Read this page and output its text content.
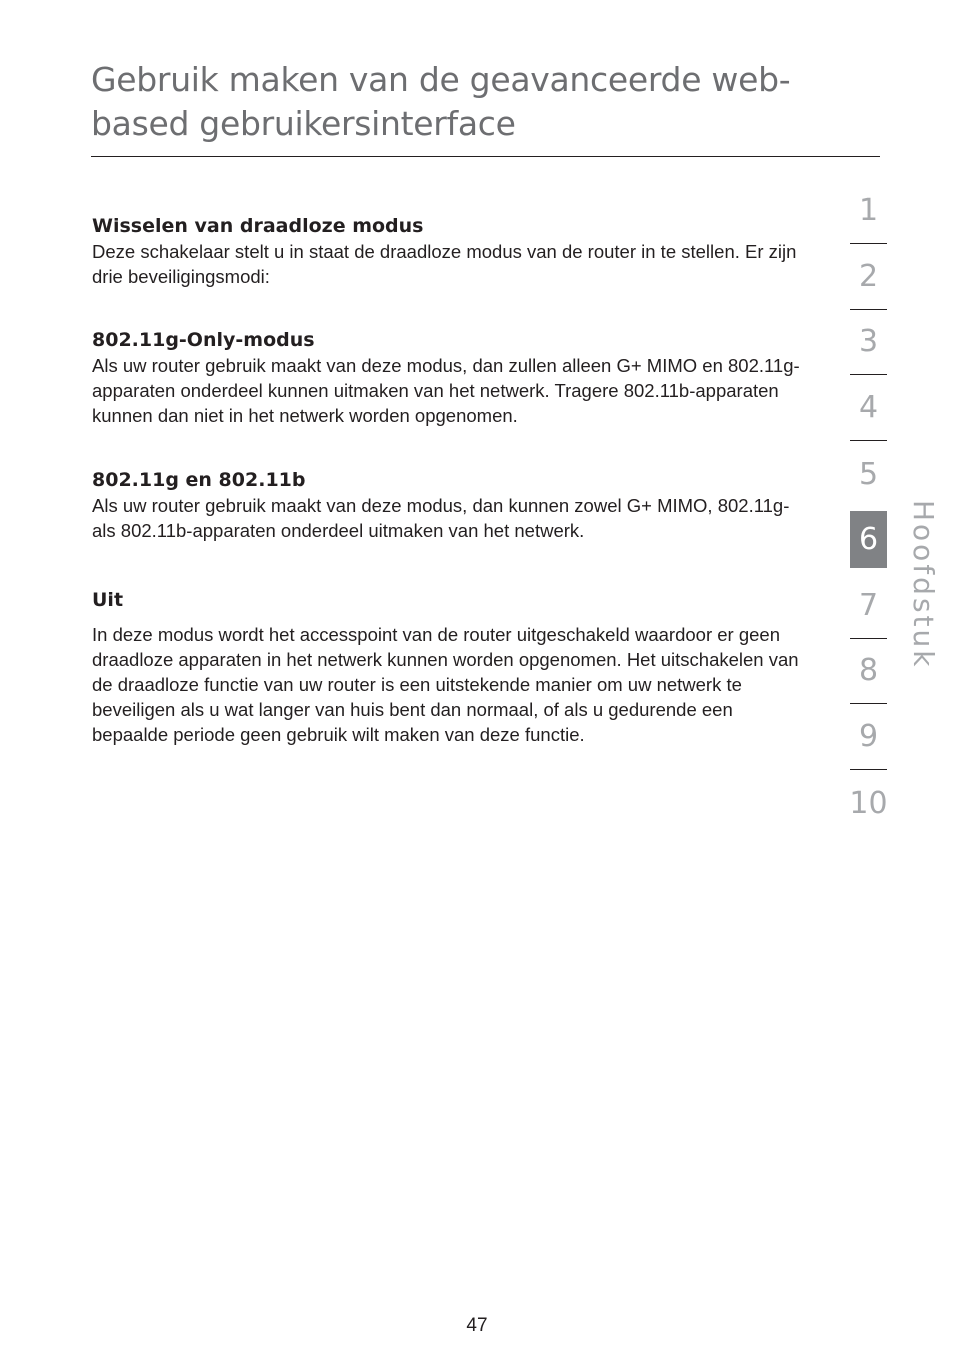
Gebruik maken van de geavanceerde web-based gebruikersinterface
Wisselen van draadloze modus

Deze schakelaar stelt u in staat de draadloze modus van de router in te stellen. Er zijn drie beveiligingsmodi:

802.11g-Only-modus

Als uw router gebruik maakt van deze modus, dan zullen alleen G+ MIMO en 802.11g-apparaten onderdeel kunnen uitmaken van het netwerk. Tragere 802.11b-apparaten kunnen dan niet in het netwerk worden opgenomen.

802.11g en 802.11b

Als uw router gebruik maakt van deze modus, dan kunnen zowel G+ MIMO, 802.11g- als 802.11b-apparaten onderdeel uitmaken van het netwerk.

Uit

In deze modus wordt het accesspoint van de router uitgeschakeld waardoor er geen draadloze apparaten in het netwerk kunnen worden opgenomen. Het uitschakelen van de draadloze functie van uw router is een uitstekende manier om uw netwerk te beveiligen als u wat langer van huis bent dan normaal, of als u gedurende een bepaalde periode geen gebruik wilt maken van deze functie.

1
2
3
4
5
6
7
8
9
10
Hoofdstuk
47
